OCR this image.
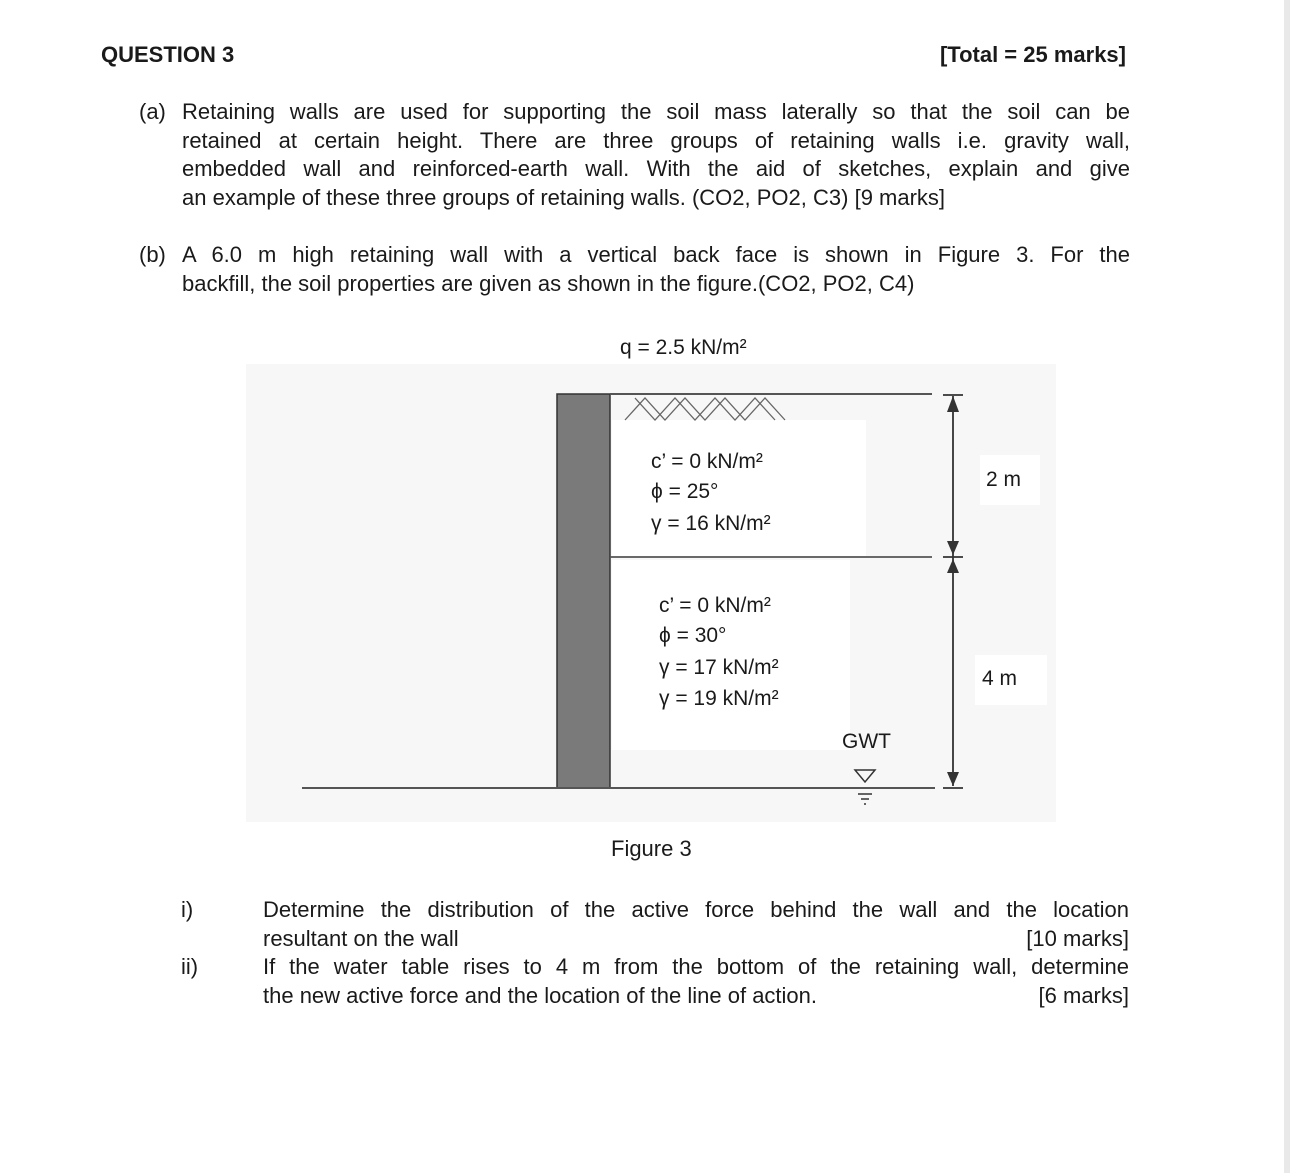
QUESTION 3	[Total = 25 marks]
(a) Retaining walls are used for supporting the soil mass laterally so that the soil can be
retained at certain height. There are three groups of retaining walls i.e. gravity wall,
embedded wall and reinforced-earth wall. With the aid of sketches, explain and give
an example of these three groups of retaining walls. (CO2, PO2, C3) [9 marks]
(b) A 6.0 m high retaining wall with a vertical back face is shown in Figure 3. For the
backfill, the soil properties are given as shown in the figure.(CO2, PO2, C4)
q = 2.5 kN/m²
c’ = 0 kN/m²
ϕ = 25°
γ = 16 kN/m²
c’ = 0 kN/m²
ϕ = 30°
γ = 17 kN/m²
γ = 19 kN/m²
GWT
2 m
4 m
Figure 3
i)	Determine the distribution of the active force behind the wall and the location
resultant on the wall	[10 marks]
ii)	If the water table rises to 4 m from the bottom of the retaining wall, determine
the new active force and the location of the line of action.	[6 marks]
